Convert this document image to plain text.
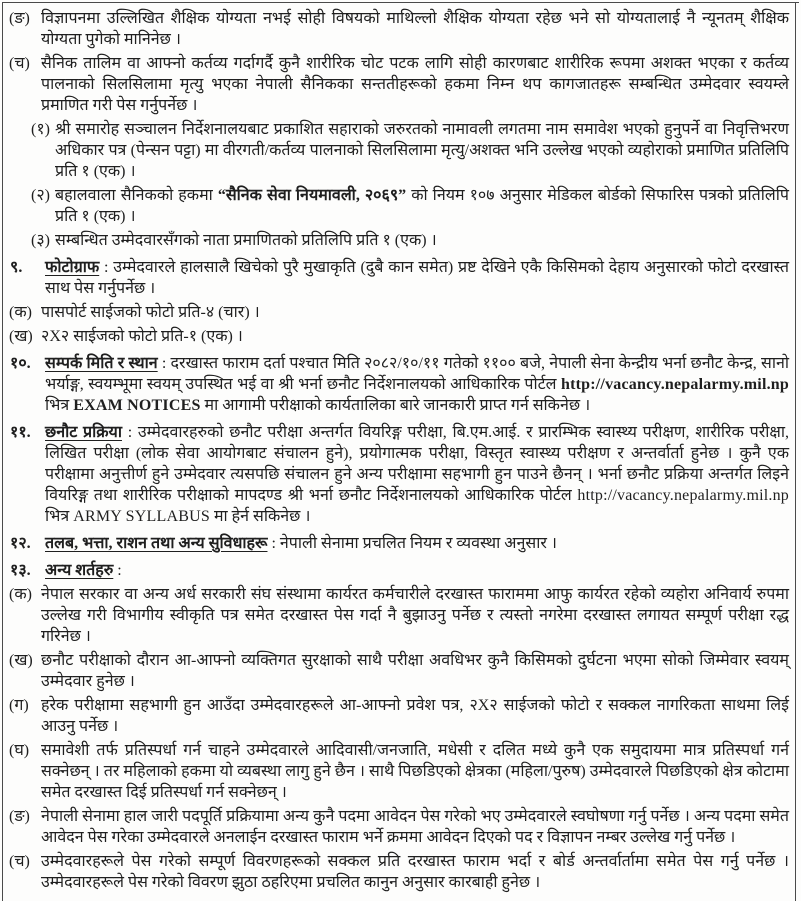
(ङ) विज्ञापनमा उल्लिखित शैक्षिक योग्यता नभई सोही विषयको माथिल्लो शैक्षिक योग्यता रहेछ भने सो योग्यतालाई नै न्यूनतम् शैक्षिक योग्यता पुगेको मानिनेछ ।
(च) सैनिक तालिम वा आफ्नो कर्तव्य गर्दागर्दै कुनै शारीरिक चोट पटक लागि सोही कारणबाट शारीरिक रूपमा अशक्त भएका र कर्तव्य पालनाको सिलसिलामा मृत्यु भएका नेपाली सैनिकका सन्ततीहरूको हकमा निम्न थप कागजातहरू सम्बन्धित उम्मेदवार स्वयम्ले प्रमाणित गरी पेस गर्नुपर्नेछ ।
(१) श्री समारोह सञ्चालन निर्देशनालयबाट प्रकाशित सहाराको जरुरतको नामावली लगतमा नाम समावेश भएको हुनुपर्ने वा निवृत्तिभरण अधिकार पत्र (पेन्सन पट्टा) मा वीरगती/कर्तव्य पालनाको सिलसिलामा मृत्यु/अशक्त भनि उल्लेख भएको व्यहोराको प्रमाणित प्रतिलिपि प्रति १ (एक) ।
(२) बहालवाला सैनिकको हकमा “सैनिक सेवा नियमावली, २०६९” को नियम १०७ अनुसार मेडिकल बोर्डको सिफारिस पत्रको प्रतिलिपि प्रति १ (एक) ।
(३) सम्बन्धित उम्मेदवारसँगको नाता प्रमाणितको प्रतिलिपि प्रति १ (एक) ।
९. फोटोग्राफ : उम्मेदवारले हालसालै खिचेको पुरै मुखाकृति (दुबै कान समेत) प्रष्ट देखिने एकै किसिमको देहाय अनुसारको फोटो दरखास्त साथ पेस गर्नुपर्नेछ ।
(क) पासपोर्ट साईजको फोटो प्रति-४ (चार) ।
(ख) २X२ साईजको फोटो प्रति-१ (एक) ।
१०. सम्पर्क मिति र स्थान : दरखास्त फाराम दर्ता पश्चात मिति २०८२/१०/११ गतेको ११०० बजे, नेपाली सेना केन्द्रीय भर्ना छनौट केन्द्र, सानो भर्याङ्ग, स्वयम्भूमा स्वयम् उपस्थित भई वा श्री भर्ना छनौट निर्देशनालयको आधिकारिक पोर्टल http://vacancy.nepalarmy.mil.np भित्र EXAM NOTICES मा आगामी परीक्षाको कार्यतालिका बारे जानकारी प्राप्त गर्न सकिनेछ ।
११. छनौट प्रक्रिया : उम्मेदवारहरुको छनौट परीक्षा अन्तर्गत वियरिङ्ग परीक्षा, बि.एम.आई. र प्रारम्भिक स्वास्थ्य परीक्षण, शारीरिक परीक्षा, लिखित परीक्षा (लोक सेवा आयोगबाट संचालन हुने), प्रयोगात्मक परीक्षा, विस्तृत स्वास्थ्य परीक्षण र अन्तर्वार्ता हुनेछ । कुनै एक परीक्षामा अनुत्तीर्ण हुने उम्मेदवार त्यसपछि संचालन हुने अन्य परीक्षामा सहभागी हुन पाउने छैनन् । भर्ना छनौट प्रक्रिया अन्तर्गत लिइने वियरिङ्ग तथा शारीरिक परीक्षाको मापदण्ड श्री भर्ना छनौट निर्देशनालयको आधिकारिक पोर्टल http://vacancy.nepalarmy.mil.np भित्र ARMY SYLLABUS मा हेर्न सकिनेछ ।
१२. तलब, भत्ता, राशन तथा अन्य सुविधाहरू : नेपाली सेनामा प्रचलित नियम र व्यवस्था अनुसार ।
१३. अन्य शर्तहरु :
(क) नेपाल सरकार वा अन्य अर्ध सरकारी संघ संस्थामा कार्यरत कर्मचारीले दरखास्त फाराममा आफु कार्यरत रहेको व्यहोरा अनिवार्य रुपमा उल्लेख गरी विभागीय स्वीकृति पत्र समेत दरखास्त पेस गर्दा नै बुझाउनु पर्नेछ र त्यस्तो नगरेमा दरखास्त लगायत सम्पूर्ण परीक्षा रद्ध गरिनेछ ।
(ख) छनौट परीक्षाको दौरान आ-आफ्नो व्यक्तिगत सुरक्षाको साथै परीक्षा अवधिभर कुनै किसिमको दुर्घटना भएमा सोको जिम्मेवार स्वयम् उम्मेदवार हुनेछ ।
(ग) हरेक परीक्षामा सहभागी हुन आउँदा उम्मेदवारहरूले आ-आफ्नो प्रवेश पत्र, २X२ साईजको फोटो र सक्कल नागरिकता साथमा लिई आउनु पर्नेछ ।
(घ) समावेशी तर्फ प्रतिस्पर्धा गर्न चाहने उम्मेदवारले आदिवासी/जनजाति, मधेसी र दलित मध्ये कुनै एक समुदायमा मात्र प्रतिस्पर्धा गर्न सक्नेछन् । तर महिलाको हकमा यो व्यबस्था लागु हुने छैन । साथै पिछडिएको क्षेत्रका (महिला/पुरुष) उम्मेदवारले पिछडिएको क्षेत्र कोटामा समेत दरखास्त दिई प्रतिस्पर्धा गर्न सक्नेछन् ।
(ङ) नेपाली सेनामा हाल जारी पदपूर्ति प्रक्रियामा अन्य कुनै पदमा आवेदन पेस गरेको भए उम्मेदवारले स्वघोषणा गर्नु पर्नेछ । अन्य पदमा समेत आवेदन पेस गरेका उम्मेदवारले अनलाईन दरखास्त फाराम भर्ने क्रममा आवेदन दिएको पद र विज्ञापन नम्बर उल्लेख गर्नु पर्नेछ ।
(च) उम्मेदवारहरूले पेस गरेको सम्पूर्ण विवरणहरूको सक्कल प्रति दरखास्त फाराम भर्दा र बोर्ड अन्तर्वार्तामा समेत पेस गर्नु पर्नेछ । उम्मेदवारहरूले पेस गरेको विवरण झुठा ठहरिएमा प्रचलित कानुन अनुसार कारबाही हुनेछ ।
